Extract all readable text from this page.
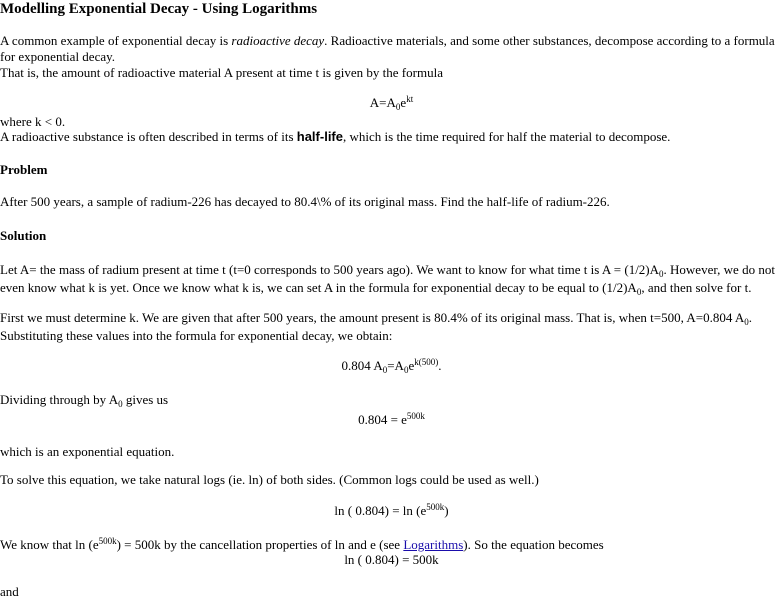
Modelling Exponential Decay - Using Logarithms
A common example of exponential decay is radioactive decay. Radioactive materials, and some other substances, decompose according to a formula for exponential decay.
That is, the amount of radioactive material A present at time t is given by the formula
$A=A_0e^{kt}$
where k < 0.
A radioactive substance is often described in terms of its half-life, which is the time required for half the material to decompose.
Problem
After 500 years, a sample of radium-226 has decayed to 80.4\% of its original mass. Find the half-life of radium-226.
Solution
Let A= the mass of radium present at time t (t=0 corresponds to 500 years ago). We want to know for what time t is $A = (1/2)A_0$. However, we do not even know what k is yet. Once we know what k is, we can set A in the formula for exponential decay to be equal to $(1/2)A_0$, and then solve for t.
First we must determine k. We are given that after 500 years, the amount present is 80.4% of its original mass. That is, when t=500, A=0.804 $A_0$.
Substituting these values into the formula for exponential decay, we obtain:
0.804 $A_0=A_0e^{k(500)}$.
Dividing through by $A_0$ gives us
$0.804 = e^{500k}$
which is an exponential equation.
To solve this equation, we take natural logs (ie. ln) of both sides. (Common logs could be used as well.)
ln ( $0.804) = \ln (e^{500k})$
We know that $\ln (e^{500k}) = 500k$ by the cancellation properties of ln and e (see Logarithms). So the equation becomes
ln ( 0.804) = 500k
and
